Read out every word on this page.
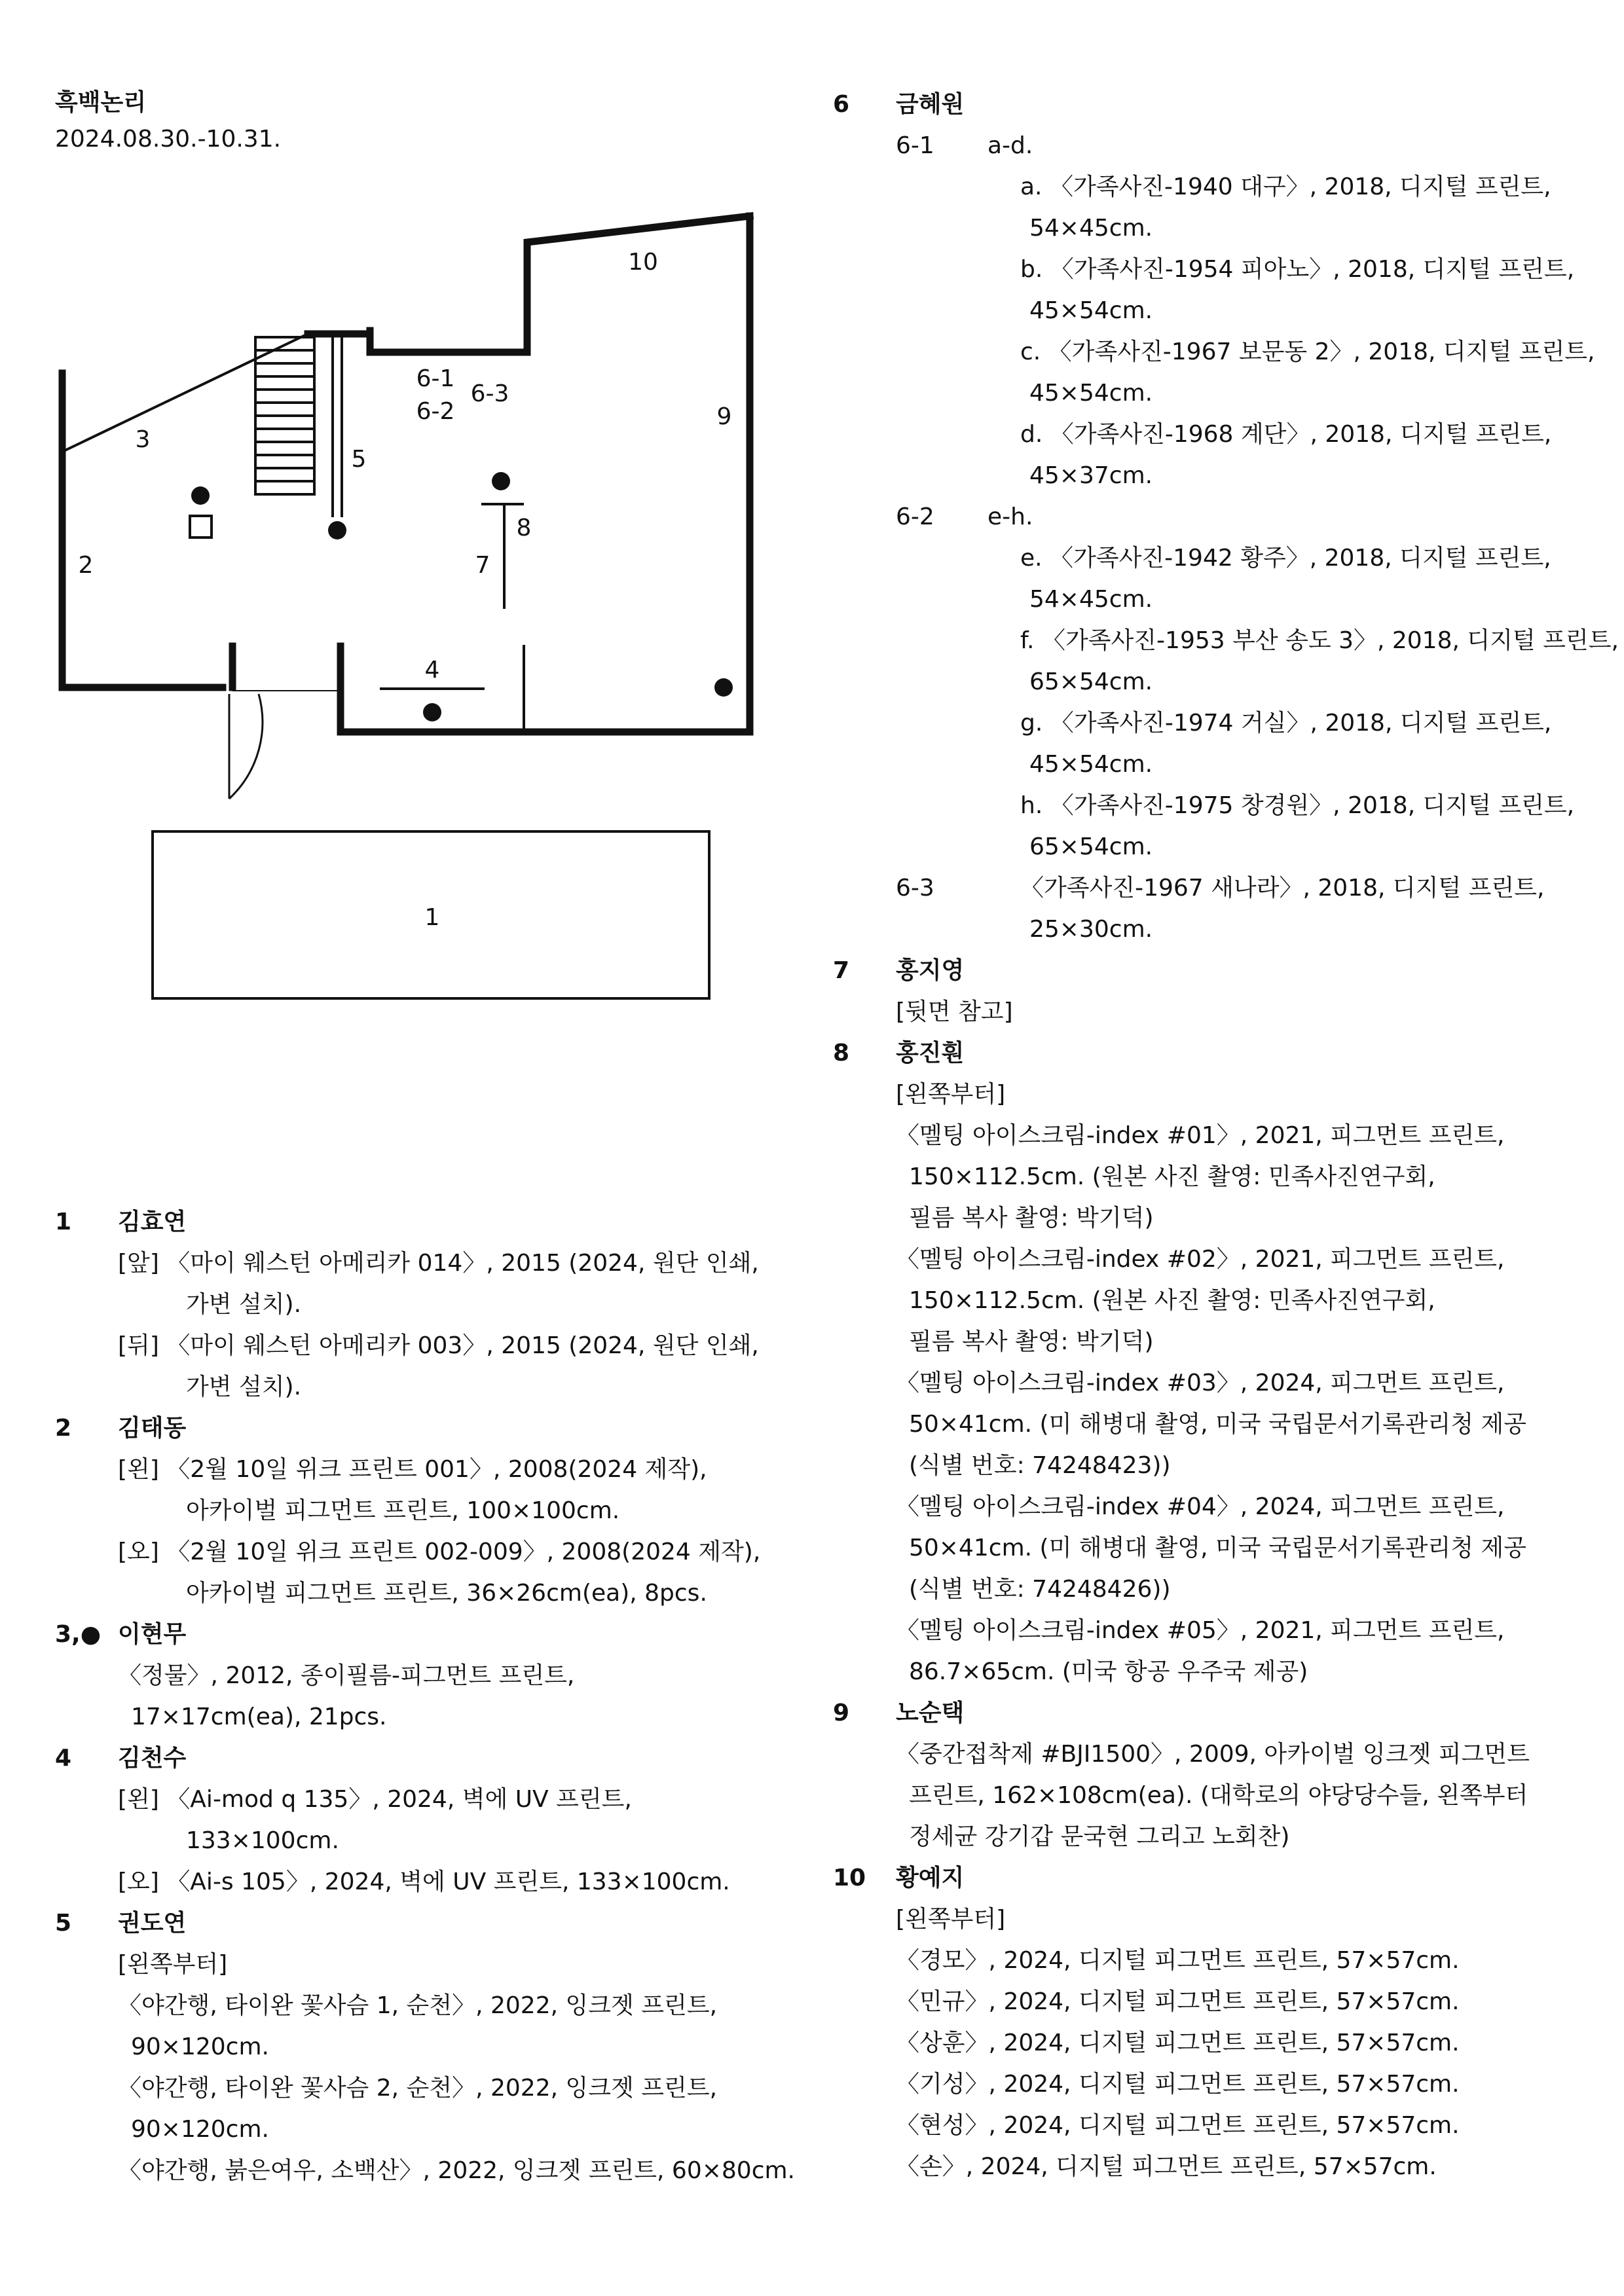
흑백논리
2024.08.30.-10.31.
1
2
3
4
5
6-1
6-2
6-3
7
8
9
10
1 김효연
[앞] 〈마이 웨스턴 아메리카 014〉, 2015 (2024, 원단 인쇄,
가변 설치).
[뒤] 〈마이 웨스턴 아메리카 003〉, 2015 (2024, 원단 인쇄,
가변 설치).
2 김태동
[왼] 〈2월 10일 위크 프린트 001〉, 2008(2024 제작),
아카이벌 피그먼트 프린트, 100×100cm.
[오] 〈2월 10일 위크 프린트 002-009〉, 2008(2024 제작),
아카이벌 피그먼트 프린트, 36×26cm(ea), 8pcs.
3,● 이현무
〈정물〉, 2012, 종이필름-피그먼트 프린트,
17×17cm(ea), 21pcs.
4 김천수
[왼] 〈Ai-mod q 135〉, 2024, 벽에 UV 프린트,
133×100cm.
[오] 〈Ai-s 105〉, 2024, 벽에 UV 프린트, 133×100cm.
5 권도연
[왼쪽부터]
〈야간행, 타이완 꽃사슴 1, 순천〉, 2022, 잉크젯 프린트,
90×120cm.
〈야간행, 타이완 꽃사슴 2, 순천〉, 2022, 잉크젯 프린트,
90×120cm.
〈야간행, 붉은여우, 소백산〉, 2022, 잉크젯 프린트, 60×80cm.
6 금혜원
6-1 a-d.
a. 〈가족사진-1940 대구〉, 2018, 디지털 프린트,
54×45cm.
b. 〈가족사진-1954 피아노〉, 2018, 디지털 프린트,
45×54cm.
c. 〈가족사진-1967 보문동 2〉, 2018, 디지털 프린트,
45×54cm.
d. 〈가족사진-1968 계단〉, 2018, 디지털 프린트,
45×37cm.
6-2 e-h.
e. 〈가족사진-1942 황주〉, 2018, 디지털 프린트,
54×45cm.
f. 〈가족사진-1953 부산 송도 3〉, 2018, 디지털 프린트,
65×54cm.
g. 〈가족사진-1974 거실〉, 2018, 디지털 프린트,
45×54cm.
h. 〈가족사진-1975 창경원〉, 2018, 디지털 프린트,
65×54cm.
6-3	〈가족사진-1967 새나라〉, 2018, 디지털 프린트,
25×30cm.
7 홍지영
[뒷면 참고]
8 홍진훤
[왼쪽부터]
〈멜팅 아이스크림-index #01〉, 2021, 피그먼트 프린트,
150×112.5cm. (원본 사진 촬영: 민족사진연구회,
필름 복사 촬영: 박기덕)
〈멜팅 아이스크림-index #02〉, 2021, 피그먼트 프린트,
150×112.5cm. (원본 사진 촬영: 민족사진연구회,
필름 복사 촬영: 박기덕)
〈멜팅 아이스크림-index #03〉, 2024, 피그먼트 프린트,
50×41cm. (미 해병대 촬영, 미국 국립문서기록관리청 제공
(식별 번호: 74248423))
〈멜팅 아이스크림-index #04〉, 2024, 피그먼트 프린트,
50×41cm. (미 해병대 촬영, 미국 국립문서기록관리청 제공
(식별 번호: 74248426))
〈멜팅 아이스크림-index #05〉, 2021, 피그먼트 프린트,
86.7×65cm. (미국 항공 우주국 제공)
9 노순택
〈중간접착제 #BJI1500〉, 2009, 아카이벌 잉크젯 피그먼트
프린트, 162×108cm(ea). (대학로의 야당당수들, 왼쪽부터
정세균 강기갑 문국현 그리고 노회찬)
10 황예지
[왼쪽부터]
〈경모〉, 2024, 디지털 피그먼트 프린트, 57×57cm.
〈민규〉, 2024, 디지털 피그먼트 프린트, 57×57cm.
〈상훈〉, 2024, 디지털 피그먼트 프린트, 57×57cm.
〈기성〉, 2024, 디지털 피그먼트 프린트, 57×57cm.
〈현성〉, 2024, 디지털 피그먼트 프린트, 57×57cm.
〈손〉, 2024, 디지털 피그먼트 프린트, 57×57cm.
